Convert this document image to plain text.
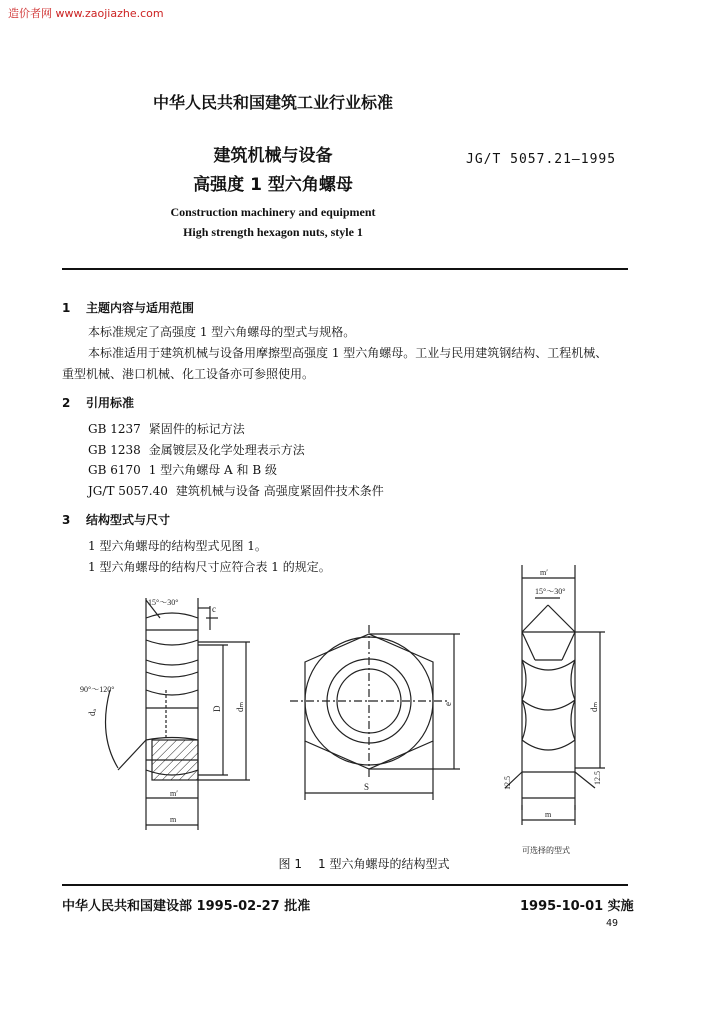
造价者网 www.zaojiazhe.com
中华人民共和国建筑工业行业标准
建筑机械与设备
高强度 1 型六角螺母
JG/T 5057.21—1995
Construction machinery and equipment
High strength hexagon nuts, style 1
1 主题内容与适用范围
本标准规定了高强度 1 型六角螺母的型式与规格。
本标准适用于建筑机械与设备用摩擦型高强度 1 型六角螺母。工业与民用建筑钢结构、工程机械、
重型机械、港口机械、化工设备亦可参照使用。
2 引用标准
GB 1237 紧固件的标记方法
GB 1238 金属镀层及化学处理表示方法
GB 6170 1 型六角螺母 A 和 B 级
JG/T 5057.40 建筑机械与设备 高强度紧固件技术条件
3 结构型式与尺寸
1 型六角螺母的结构型式见图 1。
1 型六角螺母的结构尺寸应符合表 1 的规定。
15°～30°
c
90°～120°
dₐ
D dₘ
m′
m
e
S
15°～30°
m′
dₘ
m
12.5	12.5
可选择的型式
图 1 1 型六角螺母的结构型式
中华人民共和国建设部 1995-02-27 批准	1995-10-01 实施
49
